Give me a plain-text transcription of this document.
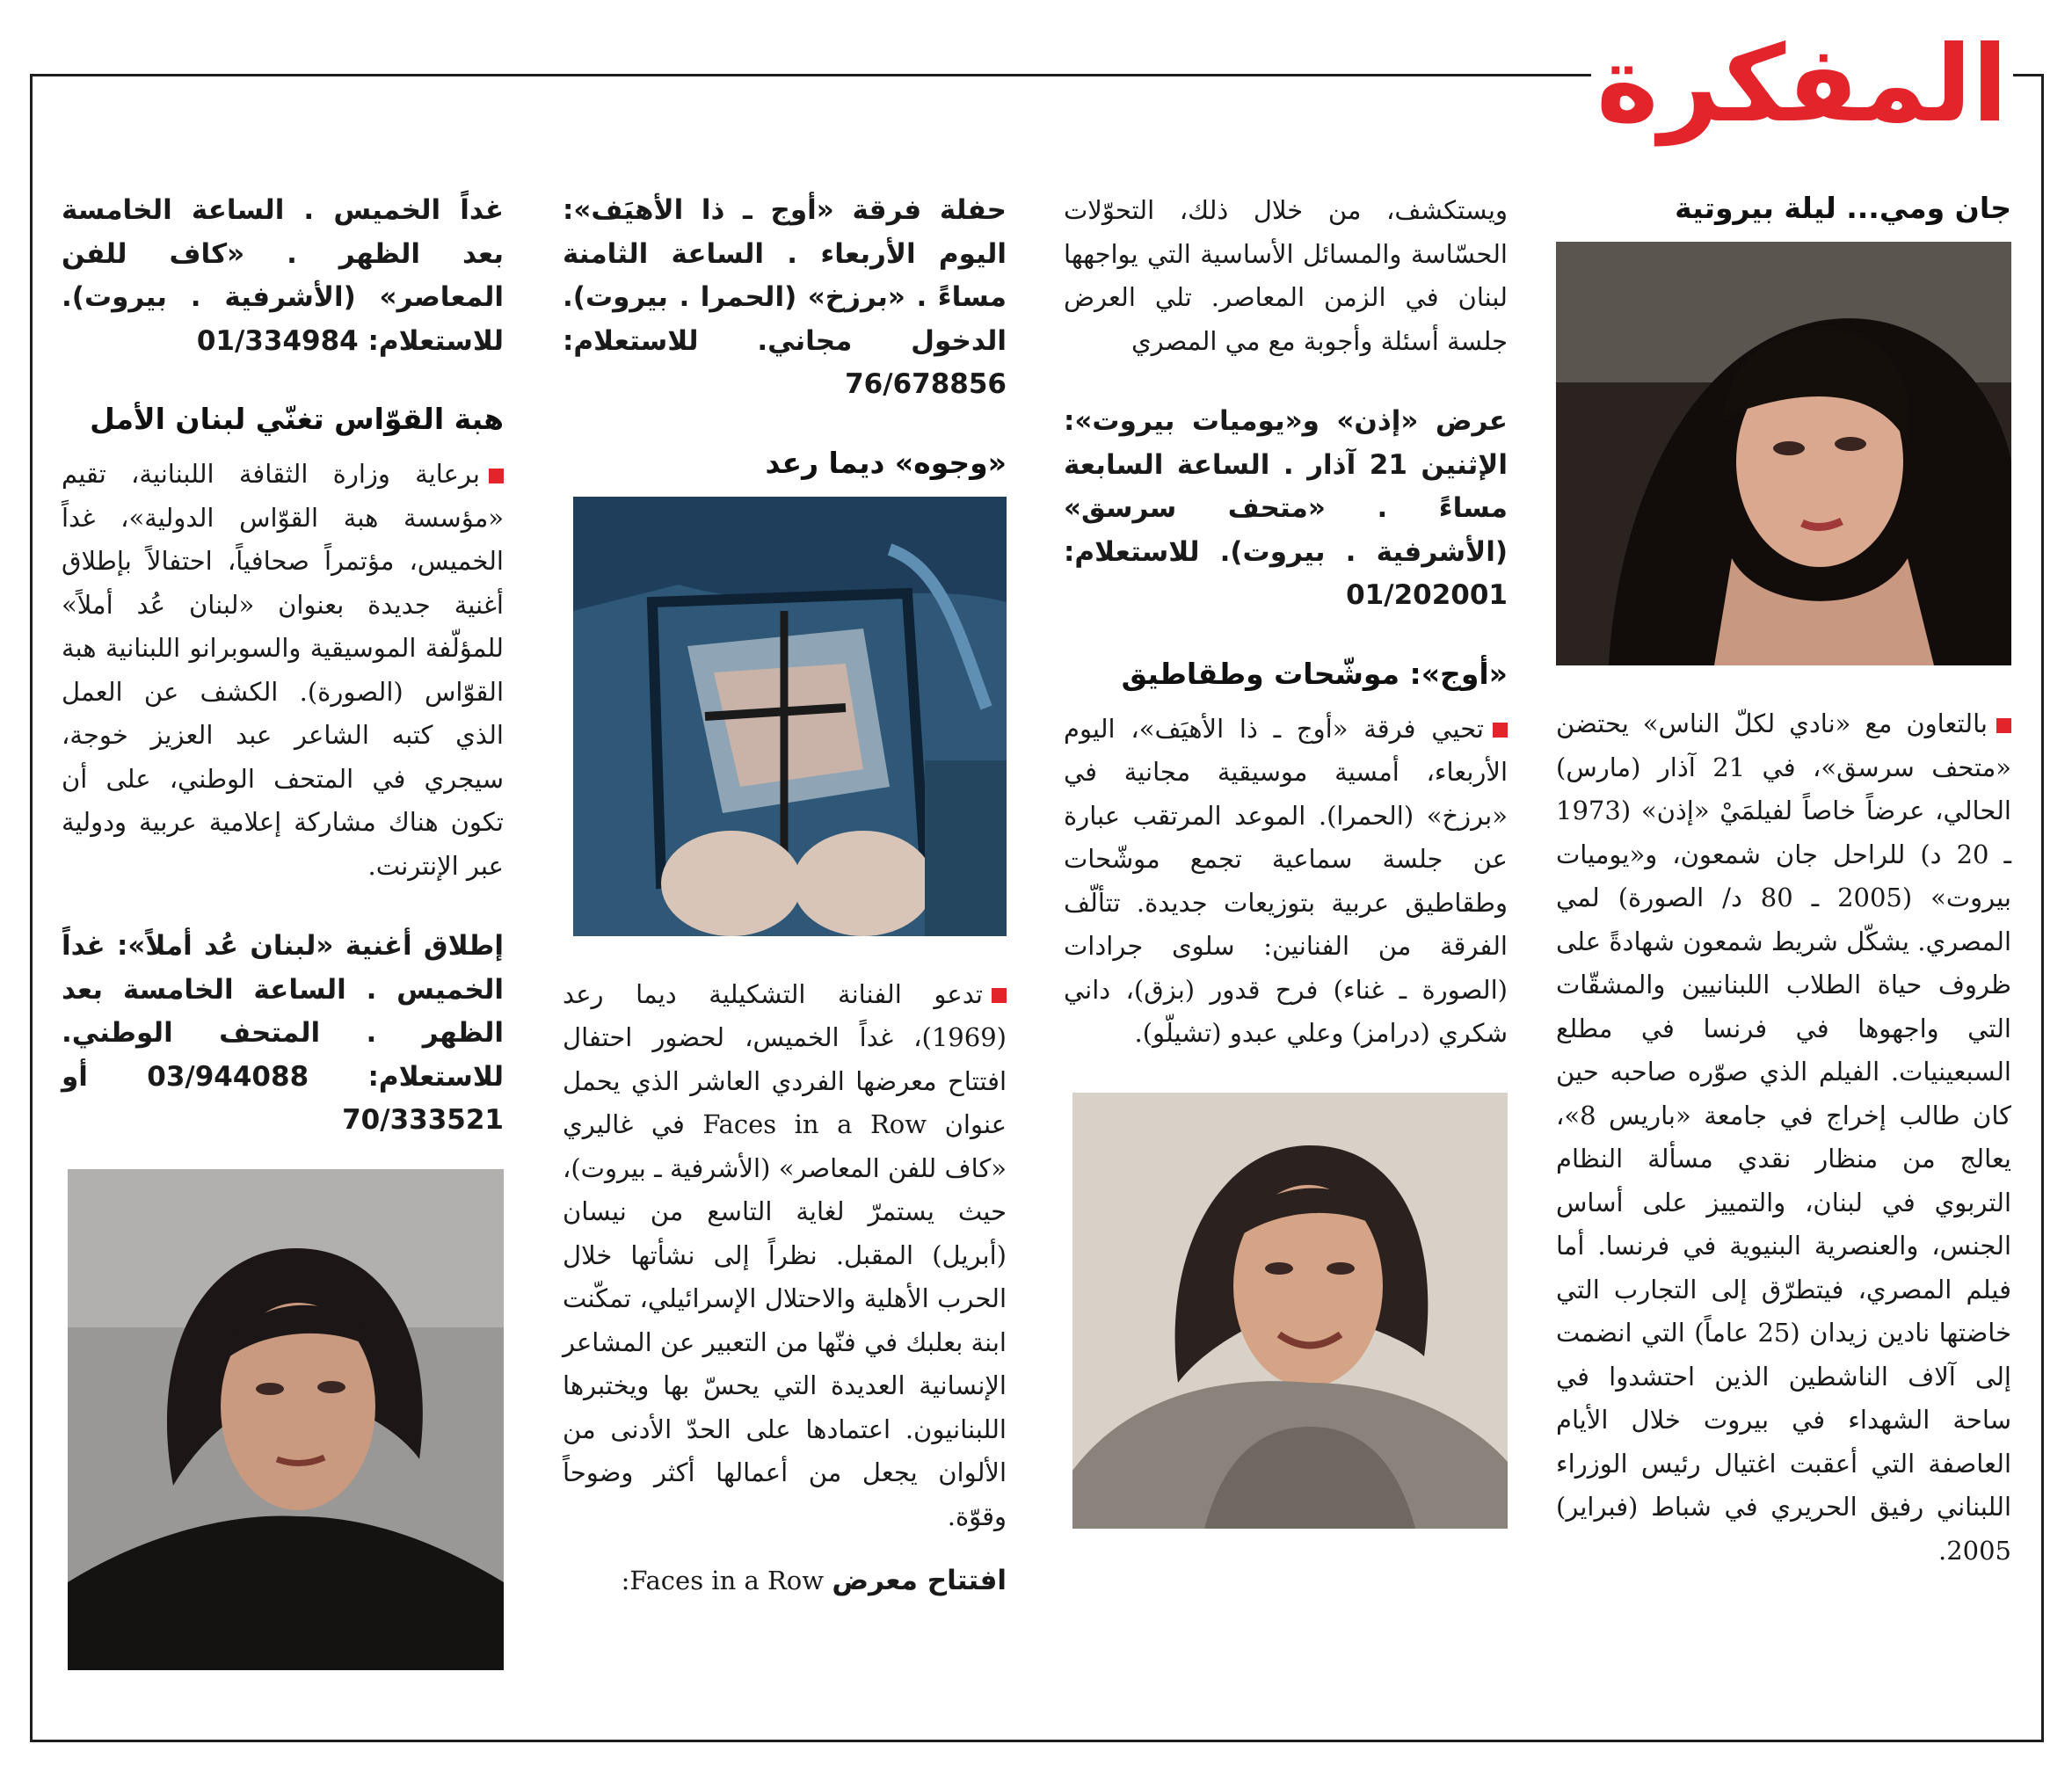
المفكرة
جان ومي... ليلة بيروتية

بالتعاون مع «نادي لكلّ الناس» يحتضن «متحف سرسق»، في 21 آذار (مارس) الحالي، عرضاً خاصاً لفيلمَيْ «إذن» (1973 ـ 20 د) للراحل جان شمعون، و«يوميات بيروت» (2005 ـ 80 د/ الصورة) لمي المصري. يشكّل شريط شمعون شهادةً على ظروف حياة الطلاب اللبنانيين والمشقّات التي واجهوها في فرنسا في مطلع السبعينيات. الفيلم الذي صوّره صاحبه حين كان طالب إخراج في جامعة «باريس 8»، يعالج من منظار نقدي مسألة النظام التربوي في لبنان، والتمييز على أساس الجنس، والعنصرية البنيوية في فرنسا. أما فيلم المصري، فيتطرّق إلى التجارب التي خاضتها نادين زيدان (25 عاماً) التي انضمت إلى آلاف الناشطين الذين احتشدوا في ساحة الشهداء في بيروت خلال الأيام العاصفة التي أعقبت اغتيال رئيس الوزراء اللبناني رفيق الحريري في شباط (فبراير) 2005.

ويستكشف، من خلال ذلك، التحوّلات الحسّاسة والمسائل الأساسية التي يواجهها لبنان في الزمن المعاصر. تلي العرض جلسة أسئلة وأجوبة مع مي المصري

عرض «إذن» و«يوميات بيروت»: الإثنين 21 آذار . الساعة السابعة مساءً . «متحف سرسق» (الأشرفية . بيروت). للاستعلام: 01/202001

«أوج»: موشّحات وطقاطيق

تحيي فرقة «أوج ـ ذا الأهيَف»، اليوم الأربعاء، أمسية موسيقية مجانية في «برزخ» (الحمرا). الموعد المرتقب عبارة عن جلسة سماعية تجمع موشّحات وطقاطيق عربية بتوزيعات جديدة. تتألّف الفرقة من الفنانين: سلوى جرادات (الصورة ـ غناء) فرح قدور (بزق)، داني شكري (درامز) وعلي عبدو (تشيلّو).

حفلة فرقة «أوج ـ ذا الأهيَف»: اليوم الأربعاء . الساعة الثامنة مساءً . «برزخ» (الحمرا . بيروت). الدخول مجاني. للاستعلام: 76/678856

«وجوه» ديما رعد

تدعو الفنانة التشكيلية ديما رعد (1969)، غداً الخميس، لحضور احتفال افتتاح معرضها الفردي العاشر الذي يحمل عنوان Faces in a Row في غاليري «كاف للفن المعاصر» (الأشرفية ـ بيروت)، حيث يستمرّ لغاية التاسع من نيسان (أبريل) المقبل. نظراً إلى نشأتها خلال الحرب الأهلية والاحتلال الإسرائيلي، تمكّنت ابنة بعلبك في فنّها من التعبير عن المشاعر الإنسانية العديدة التي يحسّ بها ويختبرها اللبنانيون. اعتمادها على الحدّ الأدنى من الألوان يجعل من أعمالها أكثر وضوحاً وقوّة.

افتتاح معرض Faces in a Row:

غداً الخميس . الساعة الخامسة بعد الظهر . «كاف للفن المعاصر» (الأشرفية . بيروت). للاستعلام: 01/334984

هبة القوّاس تغنّي لبنان الأمل

برعاية وزارة الثقافة اللبنانية، تقيم «مؤسسة هبة القوّاس الدولية»، غداً الخميس، مؤتمراً صحافياً، احتفالاً بإطلاق أغنية جديدة بعنوان «لبنان عُد أملاً» للمؤلّفة الموسيقية والسوبرانو اللبنانية هبة القوّاس (الصورة). الكشف عن العمل الذي كتبه الشاعر عبد العزيز خوجة، سيجري في المتحف الوطني، على أن تكون هناك مشاركة إعلامية عربية ودولية عبر الإنترنت.

إطلاق أغنية «لبنان عُد أملاً»: غداً الخميس . الساعة الخامسة بعد الظهر . المتحف الوطني. للاستعلام: 03/944088 أو 70/333521
